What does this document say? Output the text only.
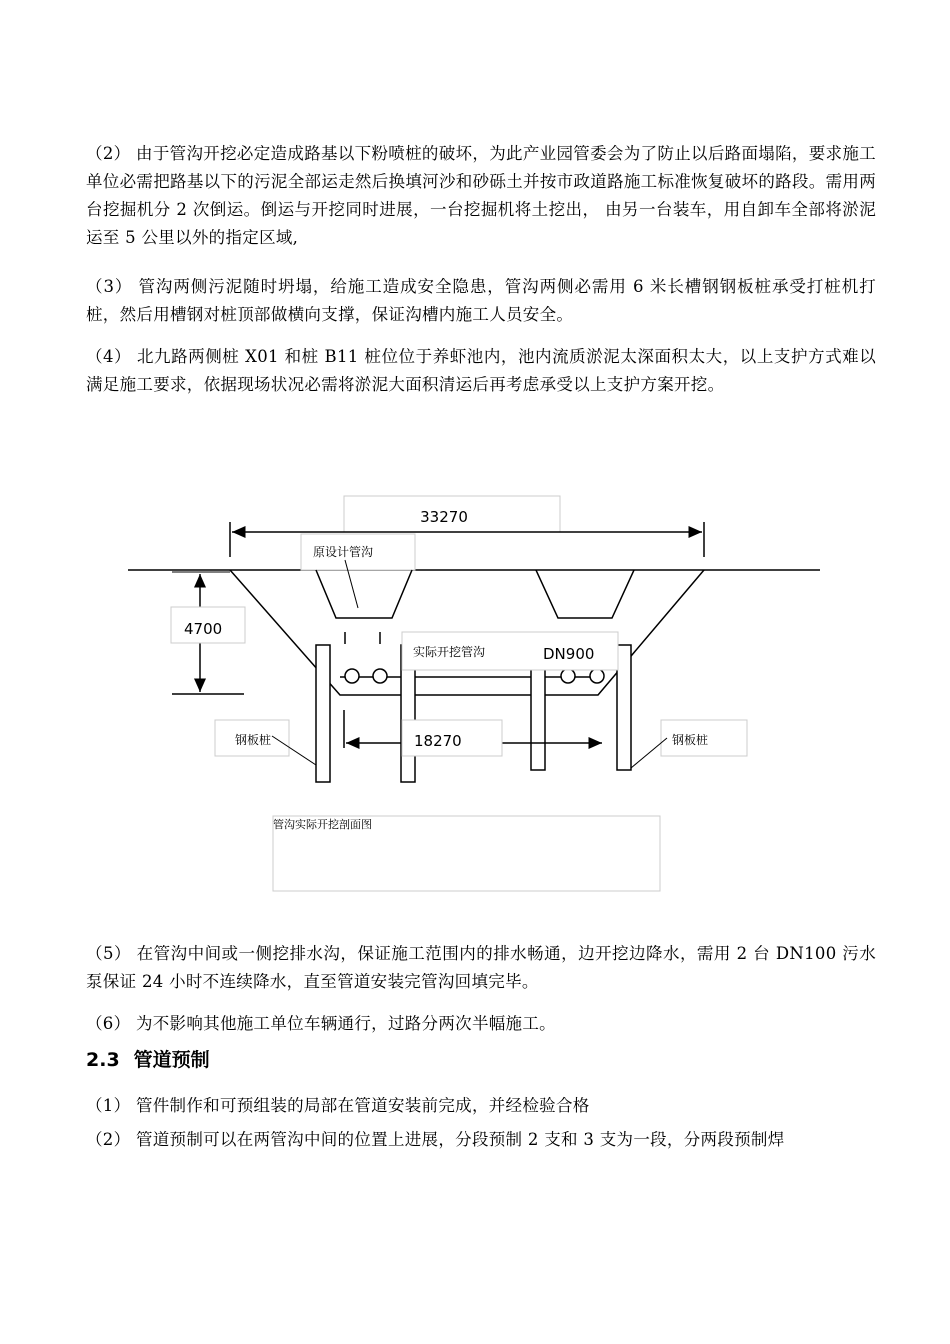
（2） 由于管沟开挖必定造成路基以下粉喷桩的破坏，为此产业园管委会为了防止以后路面塌陷，要求施工单位必需把路基以下的污泥全部运走然后换填河沙和砂砾土并按市政道路施工标准恢复破坏的路段。需用两台挖掘机分 2 次倒运。倒运与开挖同时进展，一台挖掘机将土挖出， 由另一台装车，用自卸车全部将淤泥运至 5 公里以外的指定区域,
（3） 管沟两侧污泥随时坍塌，给施工造成安全隐患，管沟两侧必需用 6 米长槽钢钢板桩承受打桩机打桩，然后用槽钢对桩顶部做横向支撑，保证沟槽内施工人员安全。
（4） 北九路两侧桩 X01 和桩 B11 桩位位于养虾池内，池内流质淤泥太深面积太大，以上支护方式难以满足施工要求，依据现场状况必需将淤泥大面积清运后再考虑承受以上支护方案开挖。
33270
原设计管沟
4700
实际开挖管沟	DN900
18270
钢板桩	钢板桩
管沟实际开挖剖面图
（5） 在管沟中间或一侧挖排水沟，保证施工范围内的排水畅通，边开挖边降水，需用 2 台 DN100 污水泵保证 24 小时不连续降水，直至管道安装完管沟回填完毕。
（6） 为不影响其他施工单位车辆通行，过路分两次半幅施工。
2.3 管道预制
（1） 管件制作和可预组装的局部在管道安装前完成，并经检验合格
（2） 管道预制可以在两管沟中间的位置上进展，分段预制 2 支和 3 支为一段，分两段预制焊
